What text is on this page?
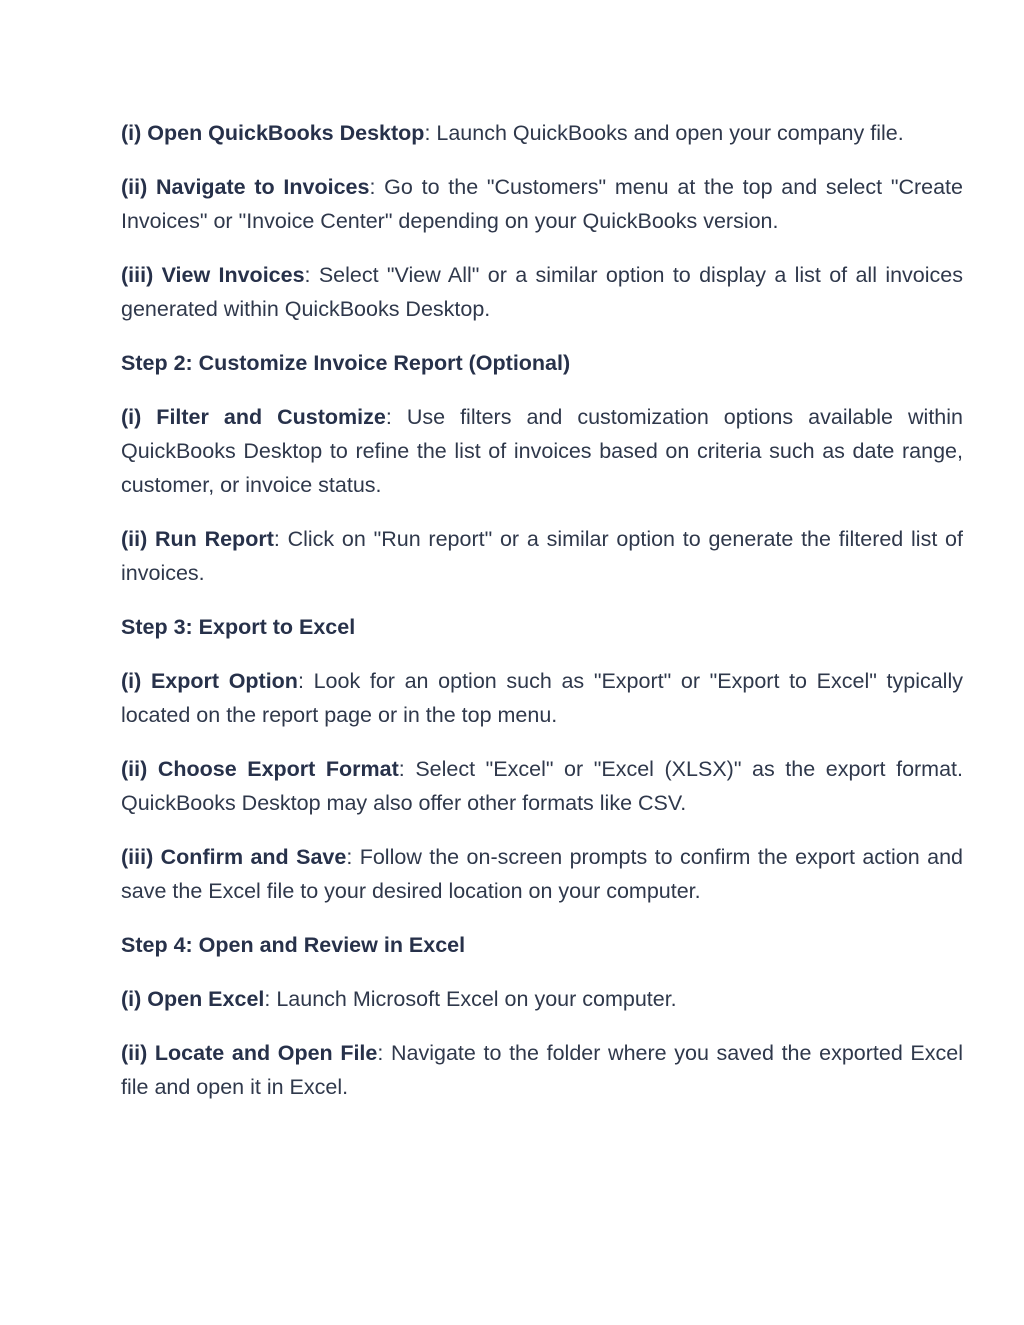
(i) Open QuickBooks Desktop: Launch QuickBooks and open your company file.

(ii) Navigate to Invoices: Go to the "Customers" menu at the top and select "Create Invoices" or "Invoice Center" depending on your QuickBooks version.

(iii) View Invoices: Select "View All" or a similar option to display a list of all invoices generated within QuickBooks Desktop.

Step 2: Customize Invoice Report (Optional)

(i) Filter and Customize: Use filters and customization options available within QuickBooks Desktop to refine the list of invoices based on criteria such as date range, customer, or invoice status.

(ii) Run Report: Click on "Run report" or a similar option to generate the filtered list of invoices.

Step 3: Export to Excel

(i) Export Option: Look for an option such as "Export" or "Export to Excel" typically located on the report page or in the top menu.

(ii) Choose Export Format: Select "Excel" or "Excel (XLSX)" as the export format. QuickBooks Desktop may also offer other formats like CSV.

(iii) Confirm and Save: Follow the on-screen prompts to confirm the export action and save the Excel file to your desired location on your computer.

Step 4: Open and Review in Excel

(i) Open Excel: Launch Microsoft Excel on your computer.

(ii) Locate and Open File: Navigate to the folder where you saved the exported Excel file and open it in Excel.
